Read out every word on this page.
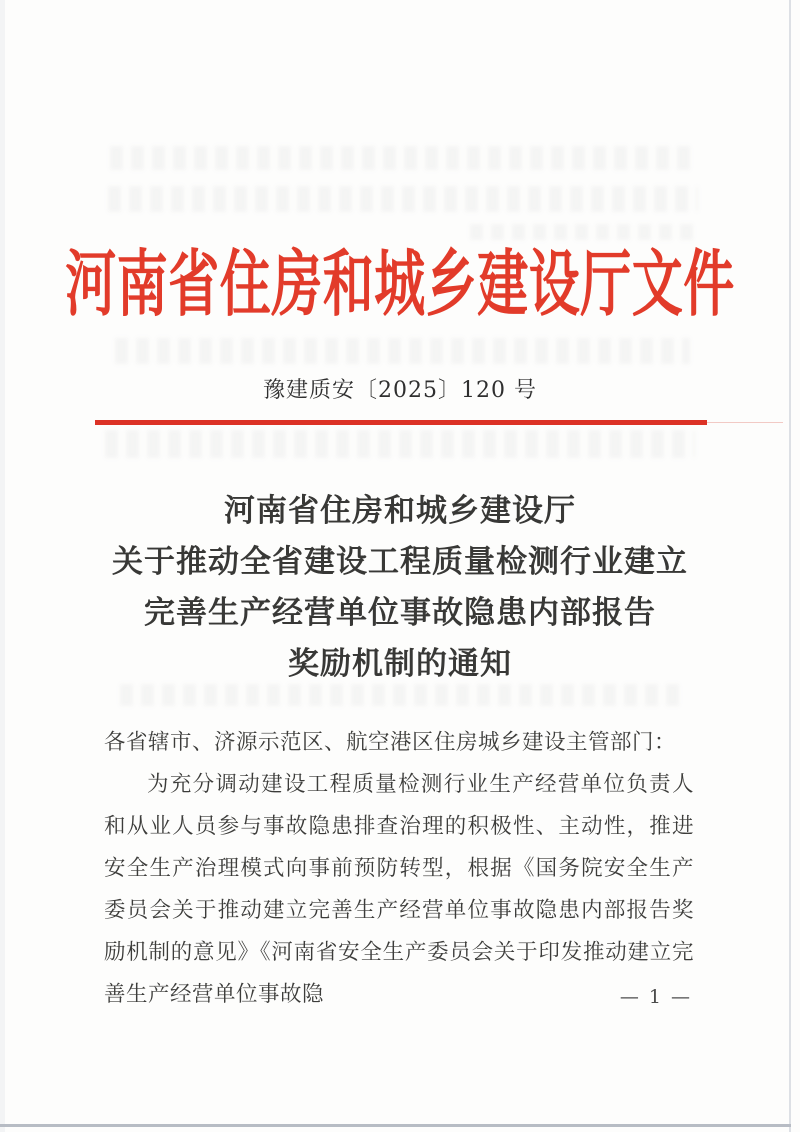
河南省住房和城乡建设厅文件
豫建质安〔2025〕120 号
河南省住房和城乡建设厅
关于推动全省建设工程质量检测行业建立
完善生产经营单位事故隐患内部报告
奖励机制的通知
各省辖市、济源示范区、航空港区住房城乡建设主管部门：
为充分调动建设工程质量检测行业生产经营单位负责人和从业人员参与事故隐患排查治理的积极性、主动性，推进安全生产治理模式向事前预防转型，根据《国务院安全生产委员会关于推动建立完善生产经营单位事故隐患内部报告奖励机制的意见》《河南省安全生产委员会关于印发推动建立完善生产经营单位事故隐	— 1 —
